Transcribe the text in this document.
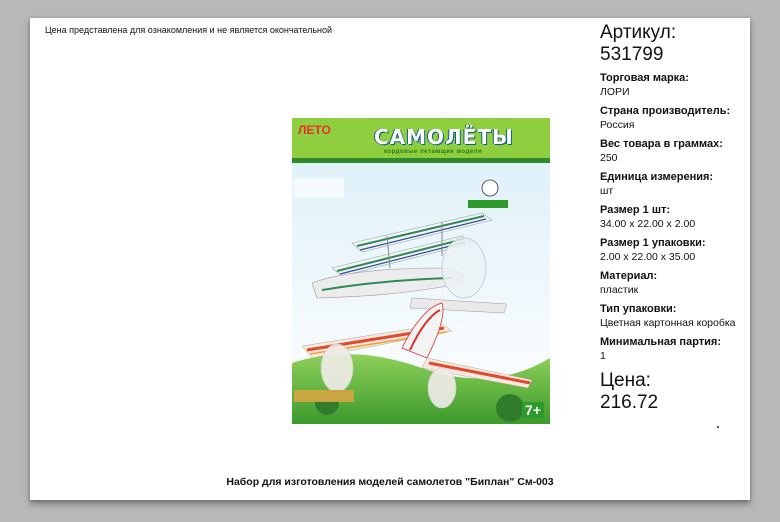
Цена представлена для ознакомления и не является окончательной
ЛЕТО САМОЛЁТЫ
кордовые летающие модели
7+
Артикул:
531799
Торговая марка:
ЛОРИ
Страна производитель:
Россия
Вес товара в граммах:
250
Единица измерения:
шт
Размер 1 шт:
34.00 x 22.00 x 2.00
Размер 1 упаковки:
2.00 x 22.00 x 35.00
Материал:
пластик
Тип упаковки:
Цветная картонная коробка
Минимальная партия:
1
Цена:
216.72
Набор для изготовления моделей самолетов "Биплан" См-003
